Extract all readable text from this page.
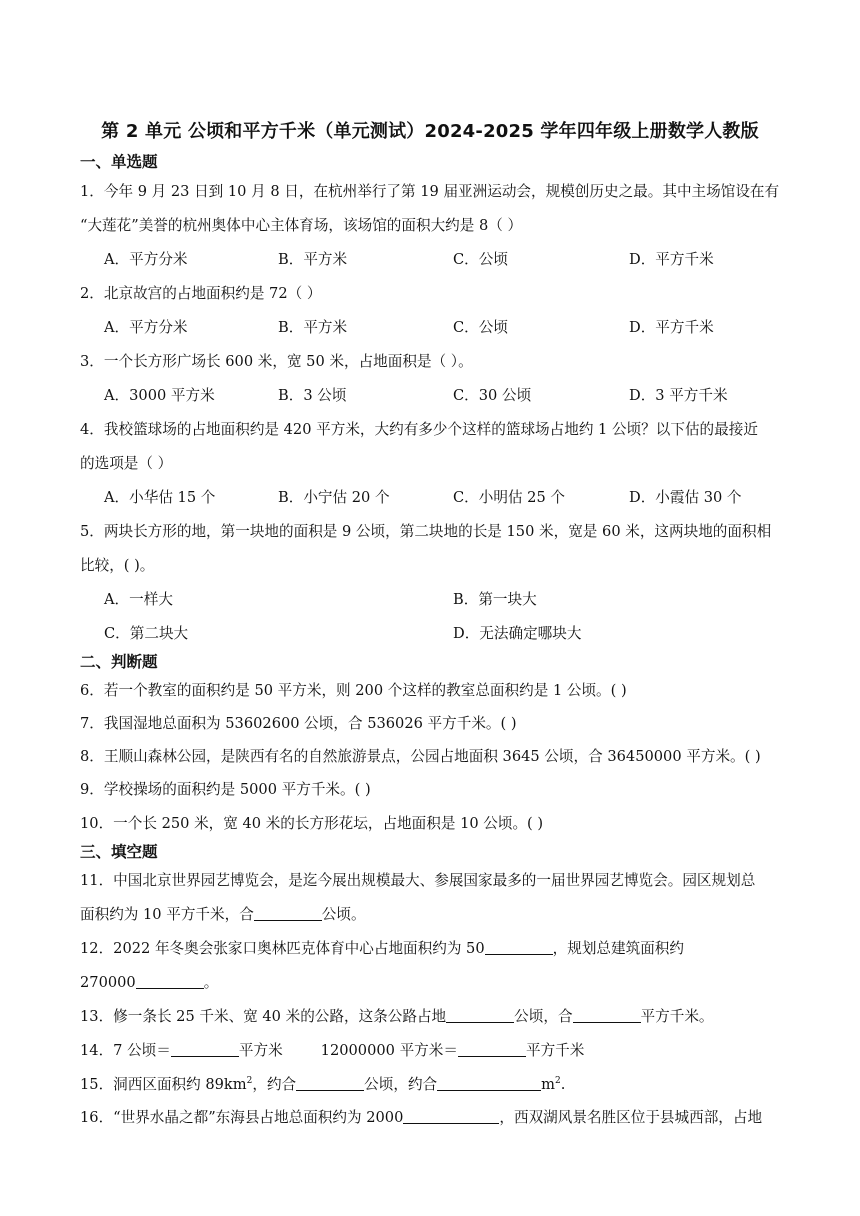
第 2 单元 公顷和平方千米（单元测试）2024-2025 学年四年级上册数学人教版
一、单选题
1．今年 9 月 23 日到 10 月 8 日，在杭州举行了第 19 届亚洲运动会，规模创历史之最。其中主场馆设在有
“大莲花”美誉的杭州奥体中心主体育场，该场馆的面积大约是 8（ ）
A．平方分米	B．平方米	C．公顷	D．平方千米
2．北京故宫的占地面积约是 72（ ）
A．平方分米	B．平方米	C．公顷	D．平方千米
3．一个长方形广场长 600 米，宽 50 米，占地面积是（ ）。
A．3000 平方米	B．3 公顷	C．30 公顷	D．3 平方千米
4．我校篮球场的占地面积约是 420 平方米，大约有多少个这样的篮球场占地约 1 公顷？以下估的最接近
的选项是（ ）
A．小华估 15 个	B．小宁估 20 个	C．小明估 25 个	D．小霞估 30 个
5．两块长方形的地，第一块地的面积是 9 公顷，第二块地的长是 150 米，宽是 60 米，这两块地的面积相
比较，( )。
A．一样大	B．第一块大
C．第二块大	D．无法确定哪块大
二、判断题
6．若一个教室的面积约是 50 平方米，则 200 个这样的教室总面积约是 1 公顷。( )
7．我国湿地总面积为 53602600 公顷，合 536026 平方千米。( )
8．王顺山森林公园，是陕西有名的自然旅游景点，公园占地面积 3645 公顷，合 36450000 平方米。( )
9．学校操场的面积约是 5000 平方千米。( )
10．一个长 250 米，宽 40 米的长方形花坛，占地面积是 10 公顷。( )
三、填空题
11．中国北京世界园艺博览会，是迄今展出规模最大、参展国家最多的一届世界园艺博览会。园区规划总
面积约为 10 平方千米，合	公顷。
12．2022 年冬奥会张家口奥林匹克体育中心占地面积约为 50	，规划总建筑面积约
270000	。
13．修一条长 25 千米、宽 40 米的公路，这条公路占地	公顷，合	平方千米。
14．7 公顷＝	平方米	12000000 平方米＝	平方千米
15．洞西区面积约 $89km^2$，约合	公顷，约合	$m^2$.
16．“世界水晶之都”东海县占地总面积约为 2000	，西双湖风景名胜区位于县城西部，占地
